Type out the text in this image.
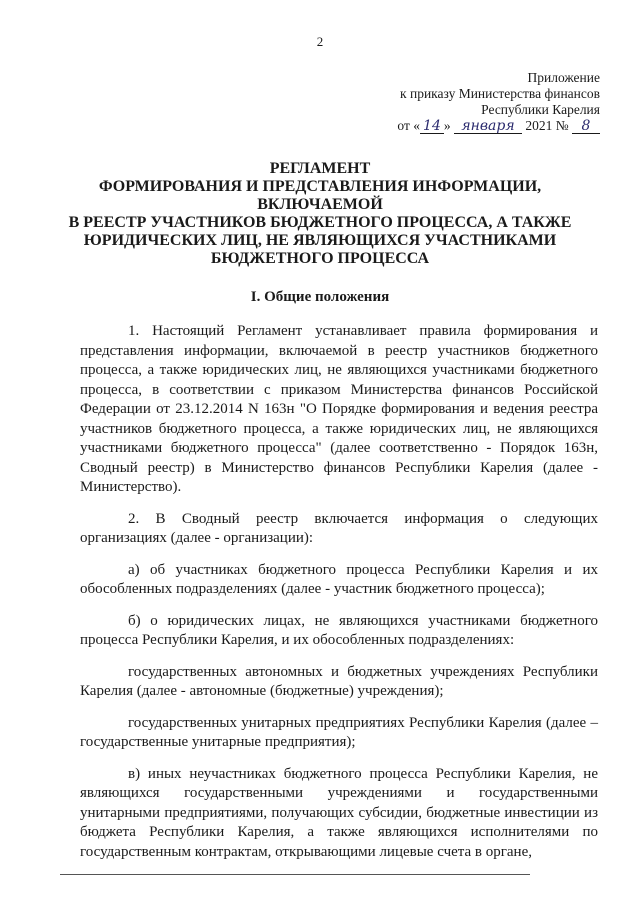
2
Приложение
к приказу Министерства финансов
Республики Карелия
от « 14 » января 2021 № 8
РЕГЛАМЕНТ
ФОРМИРОВАНИЯ И ПРЕДСТАВЛЕНИЯ ИНФОРМАЦИИ,
ВКЛЮЧАЕМОЙ
В РЕЕСТР УЧАСТНИКОВ БЮДЖЕТНОГО ПРОЦЕССА, А ТАКЖЕ
ЮРИДИЧЕСКИХ ЛИЦ, НЕ ЯВЛЯЮЩИХСЯ УЧАСТНИКАМИ
БЮДЖЕТНОГО ПРОЦЕССА
I. Общие положения

1. Настоящий Регламент устанавливает правила формирования и представления информации, включаемой в реестр участников бюджетного процесса, а также юридических лиц, не являющихся участниками бюджетного процесса, в соответствии с приказом Министерства финансов Российской Федерации от 23.12.2014 N 163н "О Порядке формирования и ведения реестра участников бюджетного процесса, а также юридических лиц, не являющихся участниками бюджетного процесса" (далее соответственно - Порядок 163н, Сводный реестр) в Министерство финансов Республики Карелия (далее - Министерство).

2. В Сводный реестр включается информация о следующих организациях (далее - организации):

а) об участниках бюджетного процесса Республики Карелия и их обособленных подразделениях (далее - участник бюджетного процесса);

б) о юридических лицах, не являющихся участниками бюджетного процесса Республики Карелия, и их обособленных подразделениях:

государственных автономных и бюджетных учреждениях Республики Карелия (далее - автономные (бюджетные) учреждения);

государственных унитарных предприятиях Республики Карелия (далее – государственные унитарные предприятия);

в) иных неучастниках бюджетного процесса Республики Карелия, не являющихся государственными учреждениями и государственными унитарными предприятиями, получающих субсидии, бюджетные инвестиции из бюджета Республики Карелия, а также являющихся исполнителями по государственным контрактам, открывающими лицевые счета в органе,
